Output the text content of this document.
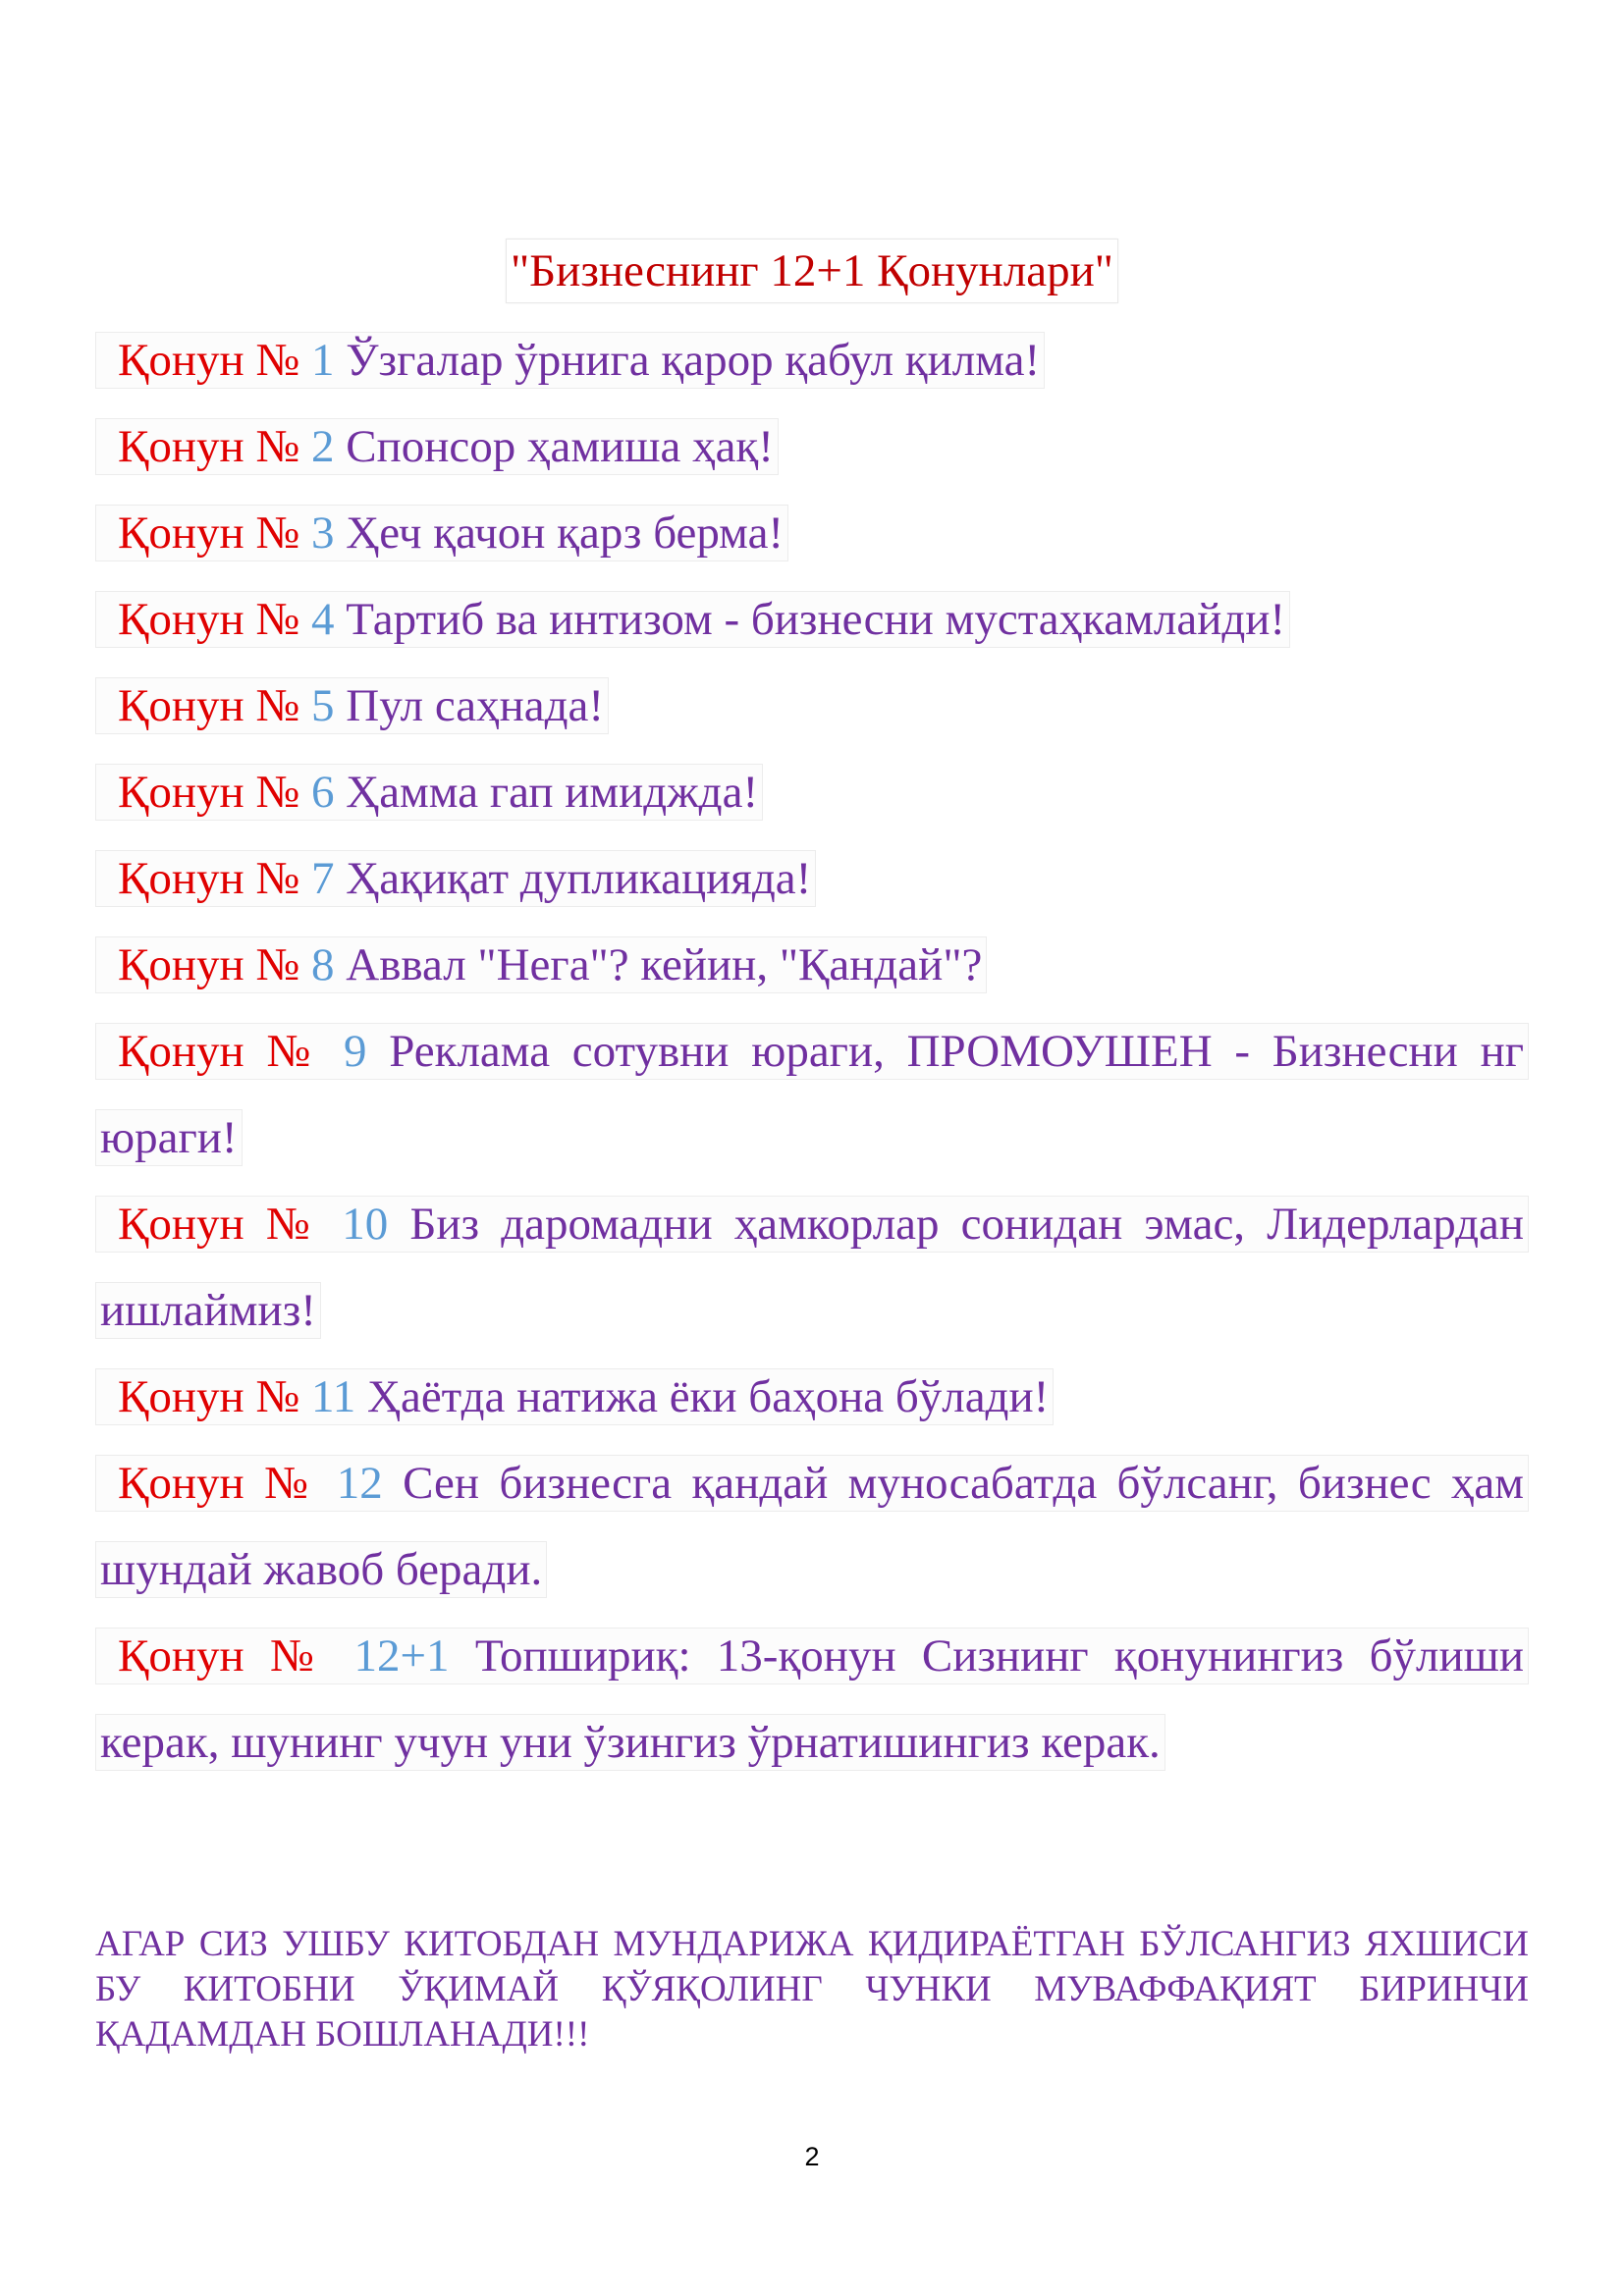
"Бизнеснинг 12+1 Қонунлари"
Қонун № 1 Ўзгалар ўрнига қарор қабул қилма!
Қонун № 2 Спонсор ҳамиша ҳақ!
Қонун № 3 Ҳеч қачон қарз берма!
Қонун № 4 Тартиб ва интизом - бизнесни мустаҳкамлайди!
Қонун № 5 Пул саҳнада!
Қонун № 6 Ҳамма гап имиджда!
Қонун № 7 Ҳақиқат дупликацияда!
Қонун № 8 Аввал "Нега"? кейин, "Қандай"?
Қонун № 9 Реклама сотувни юраги, ПРОМОУШЕН - Бизнесни нг юраги!
Қонун № 10 Биз даромадни ҳамкорлар сонидан эмас, Лидерлардан ишлаймиз!
Қонун № 11 Ҳаётда натижа ёки баҳона бўлади!
Қонун № 12 Сен бизнесга қандай муносабатда бўлсанг, бизнес ҳам шундай жавоб беради.
Қонун № 12+1 Топшириқ: 13-қонун Сизнинг қонунингиз бўлиши керак, шунинг учун уни ўзингиз ўрнатишингиз керак.
АГАР СИЗ УШБУ КИТОБДАН МУНДАРИЖА ҚИДИРАЁТГАН БЎЛСАНГИЗ ЯХШИСИ БУ КИТОБНИ ЎҚИМАЙ ҚЎЯҚОЛИНГ ЧУНКИ МУВАФФАҚИЯТ БИРИНЧИ ҚАДАМДАН БОШЛАНАДИ!!!
2
